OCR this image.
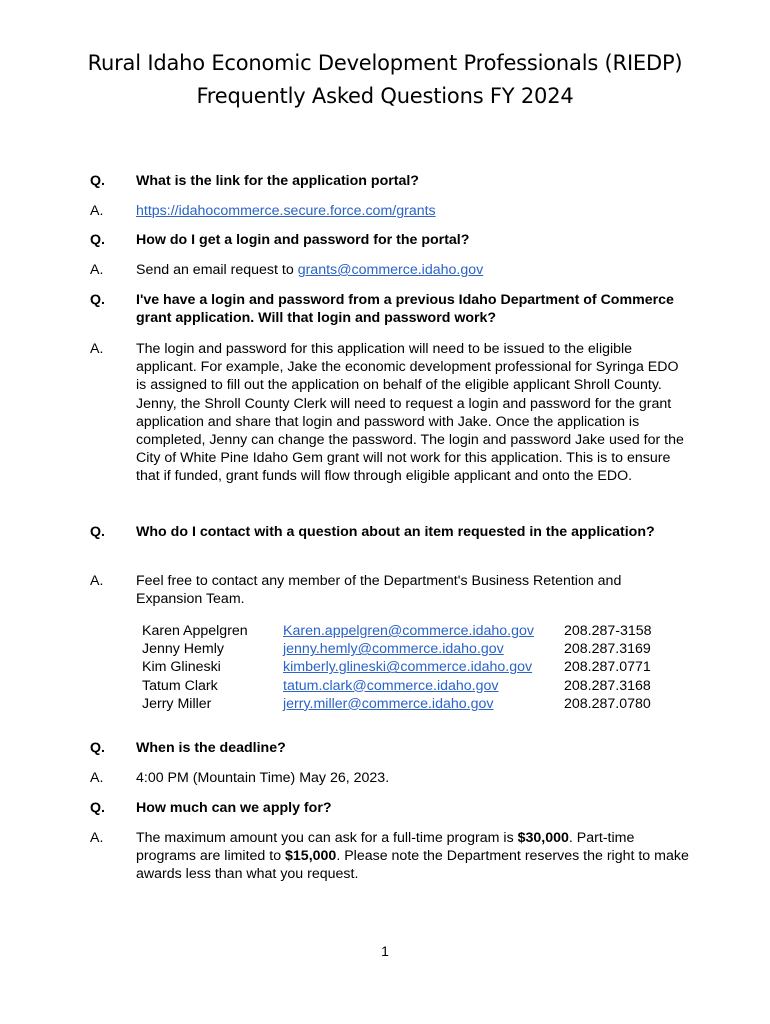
Rural Idaho Economic Development Professionals (RIEDP)
Frequently Asked Questions FY 2024
Q.	What is the link for the application portal?
A.	https://idahocommerce.secure.force.com/grants
Q.	How do I get a login and password for the portal?
A.	Send an email request to grants@commerce.idaho.gov
Q.	I've have a login and password from a previous Idaho Department of Commerce grant application. Will that login and password work?
A.	The login and password for this application will need to be issued to the eligible applicant. For example, Jake the economic development professional for Syringa EDO is assigned to fill out the application on behalf of the eligible applicant Shroll County. Jenny, the Shroll County Clerk will need to request a login and password for the grant application and share that login and password with Jake. Once the application is completed, Jenny can change the password. The login and password Jake used for the City of White Pine Idaho Gem grant will not work for this application. This is to ensure that if funded, grant funds will flow through eligible applicant and onto the EDO.
Q.	Who do I contact with a question about an item requested in the application?
A.	Feel free to contact any member of the Department's Business Retention and Expansion Team.
Karen Appelgren	Karen.appelgren@commerce.idaho.gov	208.287-3158
Jenny Hemly	jenny.hemly@commerce.idaho.gov	208.287.3169
Kim Glineski	kimberly.glineski@commerce.idaho.gov	208.287.0771
Tatum Clark	tatum.clark@commerce.idaho.gov	208.287.3168
Jerry Miller	jerry.miller@commerce.idaho.gov	208.287.0780
Q.	When is the deadline?
A.	4:00 PM (Mountain Time) May 26, 2023.
Q.	How much can we apply for?
A.	The maximum amount you can ask for a full-time program is $30,000. Part-time programs are limited to $15,000. Please note the Department reserves the right to make awards less than what you request.
1
